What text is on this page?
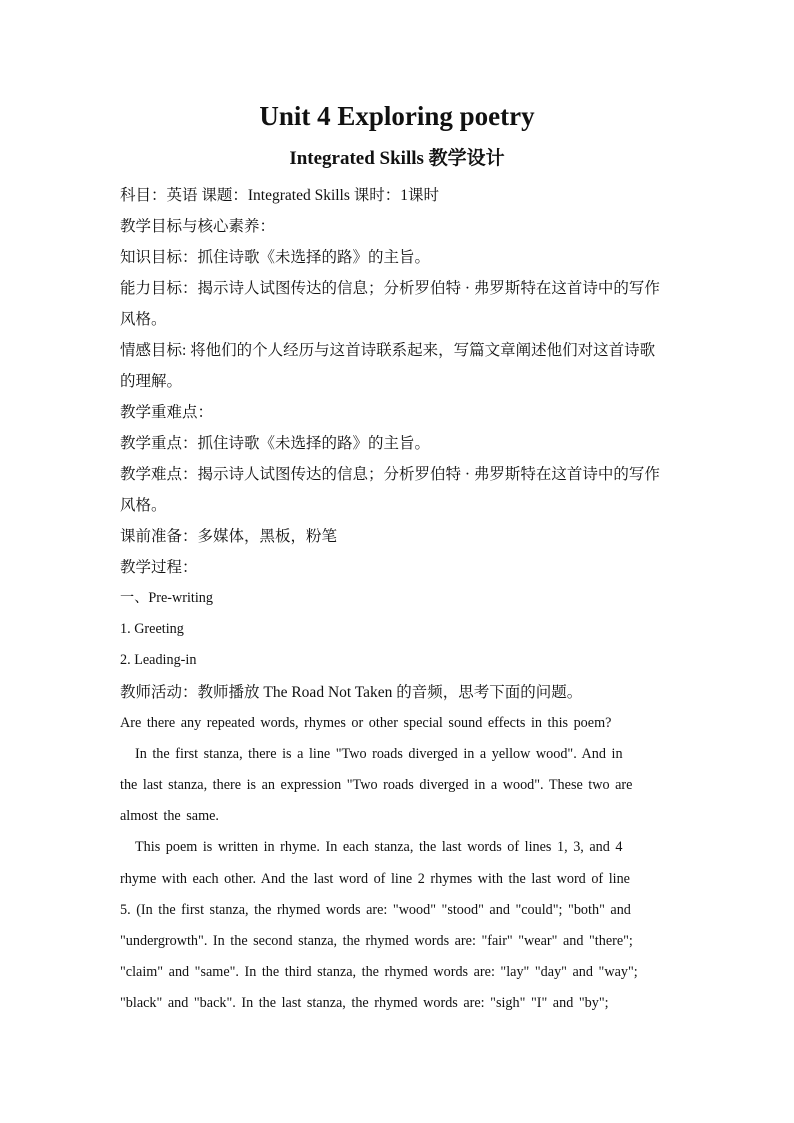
Unit 4 Exploring poetry
Integrated Skills 教学设计
科目：英语 课题：Integrated Skills 课时：1课时
教学目标与核心素养：
知识目标：抓住诗歌《未选择的路》的主旨。
能力目标：揭示诗人试图传达的信息；分析罗伯特 · 弗罗斯特在这首诗中的写作
风格。
情感目标: 将他们的个人经历与这首诗联系起来，写篇文章阐述他们对这首诗歌
的理解。
教学重难点：
教学重点：抓住诗歌《未选择的路》的主旨。
教学难点：揭示诗人试图传达的信息；分析罗伯特 · 弗罗斯特在这首诗中的写作
风格。
课前准备：多媒体，黑板，粉笔
教学过程：
一、Pre-writing
1. Greeting
2. Leading-in
教师活动：教师播放 The Road Not Taken 的音频，思考下面的问题。
Are there any repeated words, rhymes or other special sound effects in this poem?
In the first stanza, there is a line "Two roads diverged in a yellow wood". And in
the last stanza, there is an expression "Two roads diverged in a wood". These two are
almost the same.
This poem is written in rhyme. In each stanza, the last words of lines 1, 3, and 4
rhyme with each other. And the last word of line 2 rhymes with the last word of line
5. (In the first stanza, the rhymed words are: "wood" "stood" and "could"; "both" and
"undergrowth". In the second stanza, the rhymed words are: "fair" "wear" and "there";
"claim" and "same". In the third stanza, the rhymed words are: "lay" "day" and "way";
"black" and "back". In the last stanza, the rhymed words are: "sigh" "I" and "by";
